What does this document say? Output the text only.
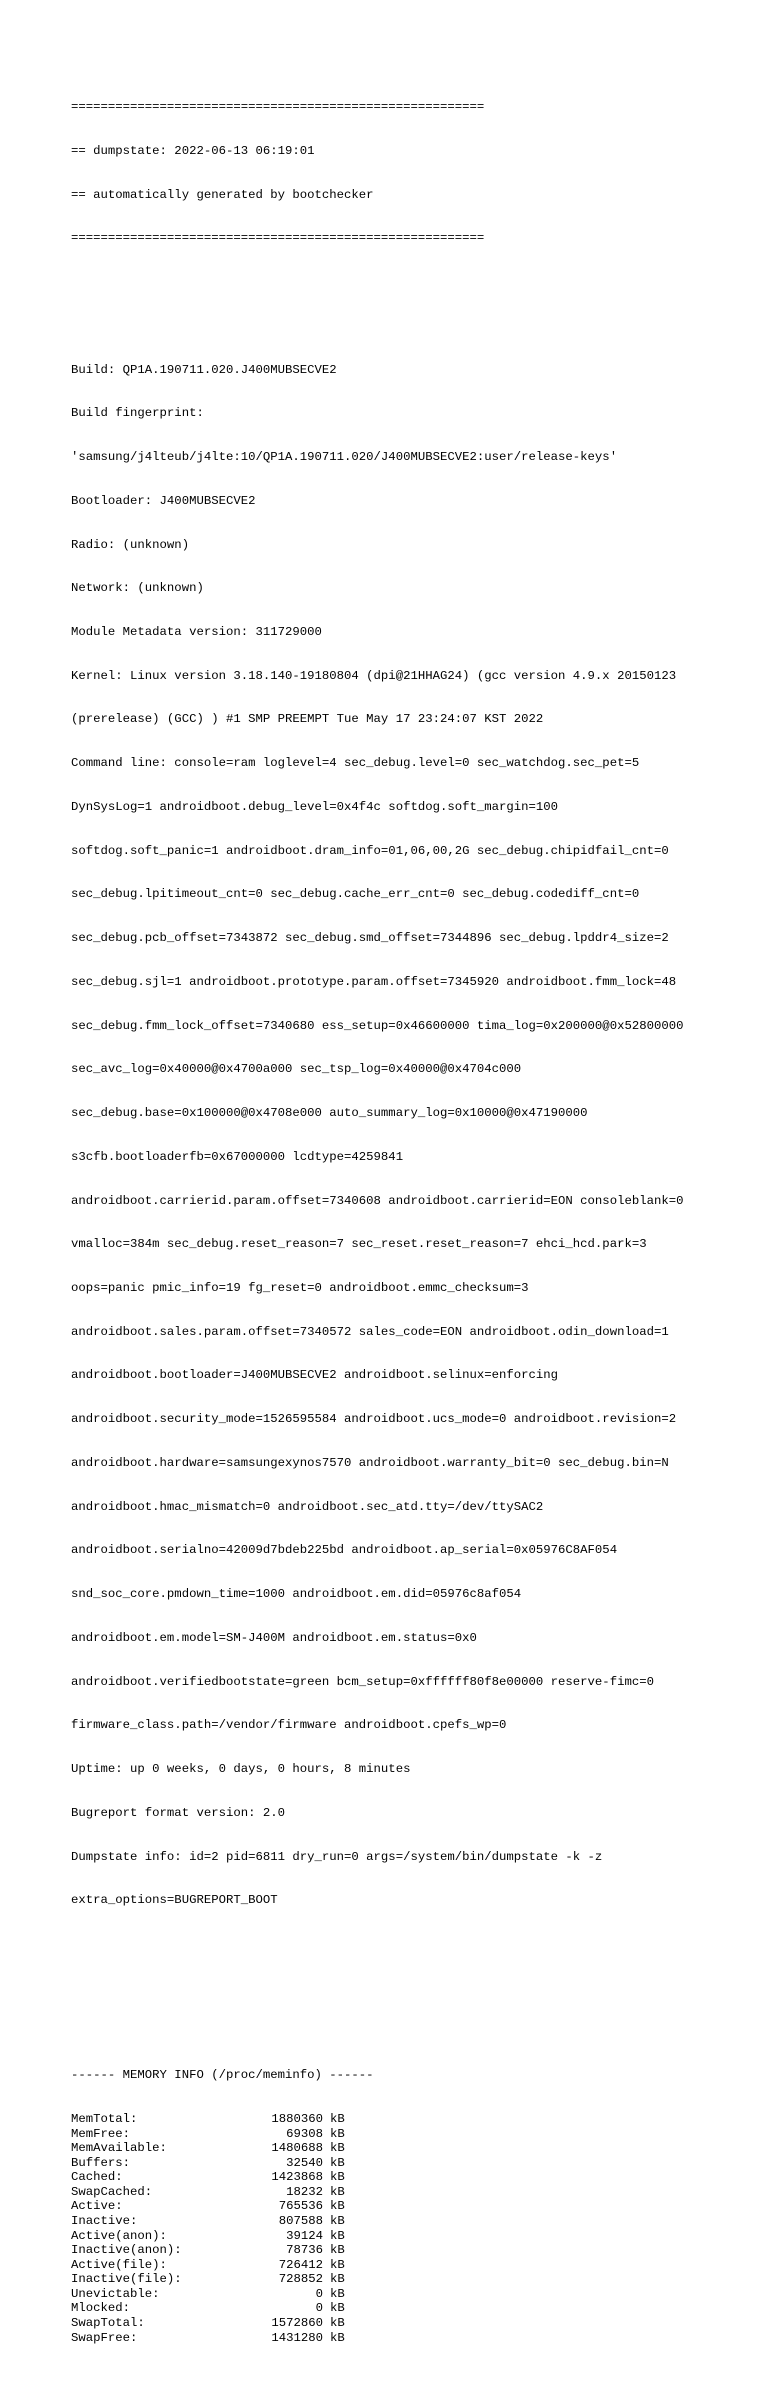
========================================================

== dumpstate: 2022-06-13 06:19:01

== automatically generated by bootchecker

========================================================

Build: QP1A.190711.020.J400MUBSECVE2

Build fingerprint:

'samsung/j4lteub/j4lte:10/QP1A.190711.020/J400MUBSECVE2:user/release-keys'

Bootloader: J400MUBSECVE2

Radio: (unknown)

Network: (unknown)

Module Metadata version: 311729000

Kernel: Linux version 3.18.140-19180804 (dpi@21HHAG24) (gcc version 4.9.x 20150123

(prerelease) (GCC) ) #1 SMP PREEMPT Tue May 17 23:24:07 KST 2022

Command line: console=ram loglevel=4 sec_debug.level=0 sec_watchdog.sec_pet=5

DynSysLog=1 androidboot.debug_level=0x4f4c softdog.soft_margin=100

softdog.soft_panic=1 androidboot.dram_info=01,06,00,2G sec_debug.chipidfail_cnt=0

sec_debug.lpitimeout_cnt=0 sec_debug.cache_err_cnt=0 sec_debug.codediff_cnt=0

sec_debug.pcb_offset=7343872 sec_debug.smd_offset=7344896 sec_debug.lpddr4_size=2

sec_debug.sjl=1 androidboot.prototype.param.offset=7345920 androidboot.fmm_lock=48

sec_debug.fmm_lock_offset=7340680 ess_setup=0x46600000 tima_log=0x200000@0x52800000

sec_avc_log=0x40000@0x4700a000 sec_tsp_log=0x40000@0x4704c000

sec_debug.base=0x100000@0x4708e000 auto_summary_log=0x10000@0x47190000

s3cfb.bootloaderfb=0x67000000 lcdtype=4259841

androidboot.carrierid.param.offset=7340608 androidboot.carrierid=EON consoleblank=0

vmalloc=384m sec_debug.reset_reason=7 sec_reset.reset_reason=7 ehci_hcd.park=3

oops=panic pmic_info=19 fg_reset=0 androidboot.emmc_checksum=3

androidboot.sales.param.offset=7340572 sales_code=EON androidboot.odin_download=1

androidboot.bootloader=J400MUBSECVE2 androidboot.selinux=enforcing

androidboot.security_mode=1526595584 androidboot.ucs_mode=0 androidboot.revision=2

androidboot.hardware=samsungexynos7570 androidboot.warranty_bit=0 sec_debug.bin=N

androidboot.hmac_mismatch=0 androidboot.sec_atd.tty=/dev/ttySAC2

androidboot.serialno=42009d7bdeb225bd androidboot.ap_serial=0x05976C8AF054

snd_soc_core.pmdown_time=1000 androidboot.em.did=05976c8af054

androidboot.em.model=SM-J400M androidboot.em.status=0x0

androidboot.verifiedbootstate=green bcm_setup=0xffffff80f8e00000 reserve-fimc=0

firmware_class.path=/vendor/firmware androidboot.cpefs_wp=0

Uptime: up 0 weeks, 0 days, 0 hours, 8 minutes

Bugreport format version: 2.0

Dumpstate info: id=2 pid=6811 dry_run=0 args=/system/bin/dumpstate -k -z

extra_options=BUGREPORT_BOOT

------ MEMORY INFO (/proc/meminfo) ------

MemTotal:	1880360 kB
MemFree:	69308 kB
MemAvailable:	1480688 kB
Buffers:	32540 kB
Cached:	1423868 kB
SwapCached:	18232 kB
Active:	765536 kB
Inactive:	807588 kB
Active(anon):	39124 kB
Inactive(anon):	78736 kB
Active(file):	726412 kB
Inactive(file):	728852 kB
Unevictable:	0 kB
Mlocked:	0 kB
SwapTotal:	1572860 kB
SwapFree:	1431280 kB
